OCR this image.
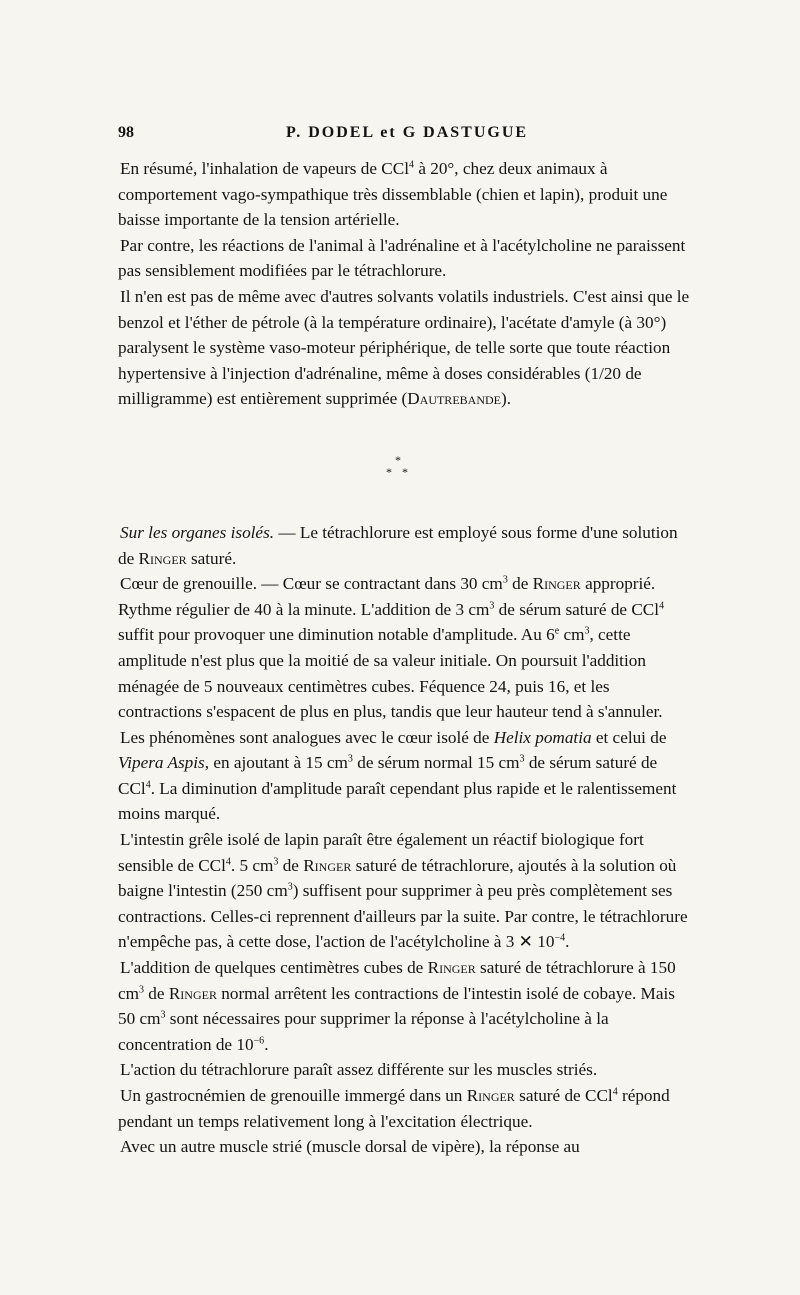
98	P. DODEL et G DASTUGUE

En résumé, l'inhalation de vapeurs de CCl$^4$ à 20°, chez deux animaux à comportement vago-sympathique très dissemblable (chien et lapin), produit une baisse importante de la tension artérielle.

Par contre, les réactions de l'animal à l'adrénaline et à l'acétylcholine ne paraissent pas sensiblement modifiées par le tétrachlorure.

Il n'en est pas de même avec d'autres solvants volatils industriels. C'est ainsi que le benzol et l'éther de pétrole (à la température ordinaire), l'acétate d'amyle (à 30°) paralysent le système vaso-moteur périphérique, de telle sorte que toute réaction hypertensive à l'injection d'adrénaline, même à doses considérables (1/20 de milligramme) est entièrement supprimée (Dautrebande).

*
* *

Sur les organes isolés. — Le tétrachlorure est employé sous forme d'une solution de Ringer saturé.

Cœur de grenouille. — Cœur se contractant dans 30 $cm^3$ de Ringer approprié. Rythme régulier de 40 à la minute. L'addition de 3 $cm^3$ de sérum saturé de CCl$^4$ suffit pour provoquer une diminution notable d'amplitude. Au 6e $cm^3$, cette amplitude n'est plus que la moitié de sa valeur initiale. On poursuit l'addition ménagée de 5 nouveaux centimètres cubes. Féquence 24, puis 16, et les contractions s'espacent de plus en plus, tandis que leur hauteur tend à s'annuler.

Les phénomènes sont analogues avec le cœur isolé de Helix pomatia et celui de Vipera Aspis, en ajoutant à 15 $cm^3$ de sérum normal 15 $cm^3$ de sérum saturé de CCl$^4$. La diminution d'amplitude paraît cependant plus rapide et le ralentissement moins marqué.

L'intestin grêle isolé de lapin paraît être également un réactif biologique fort sensible de CCl$^4$. 5 $cm^3$ de Ringer saturé de tétrachlorure, ajoutés à la solution où baigne l'intestin (250 $cm^3$) suffisent pour supprimer à peu près complètement ses contractions. Celles-ci reprennent d'ailleurs par la suite. Par contre, le tétrachlorure n'empêche pas, à cette dose, l'action de l'acétylcholine à 3 ✕ $10^{-4}$.

L'addition de quelques centimètres cubes de Ringer saturé de tétrachlorure à 150 $cm^3$ de Ringer normal arrêtent les contractions de l'intestin isolé de cobaye. Mais 50 $cm^3$ sont nécessaires pour supprimer la réponse à l'acétylcholine à la concentration de $10^{-6}$.

L'action du tétrachlorure paraît assez différente sur les muscles striés.

Un gastrocnémien de grenouille immergé dans un Ringer saturé de CCl$^4$ répond pendant un temps relativement long à l'excitation électrique.

Avec un autre muscle strié (muscle dorsal de vipère), la réponse au
